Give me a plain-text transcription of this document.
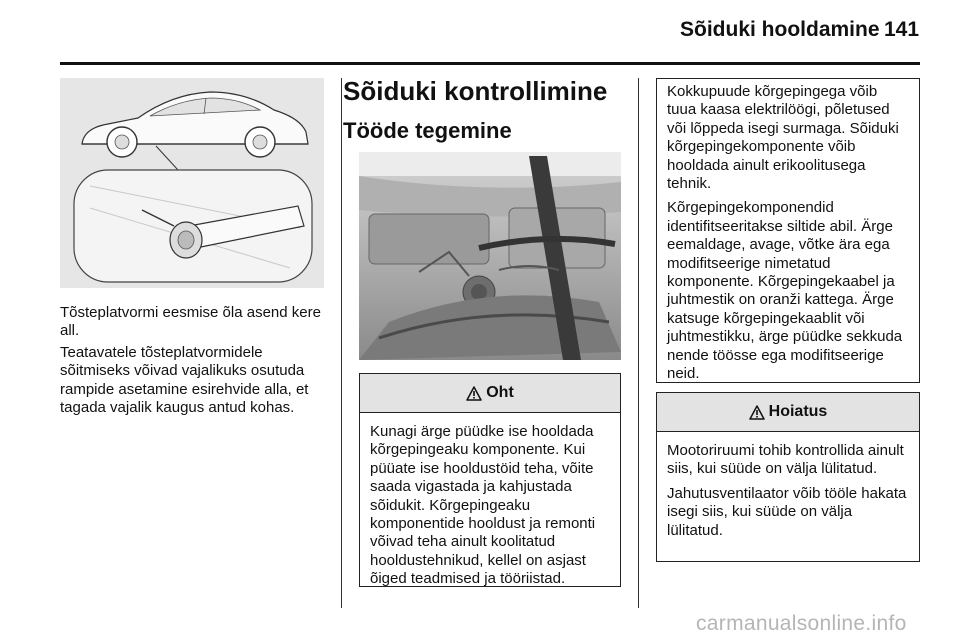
Sõiduki hooldamine 141

Tõsteplatvormi eesmise õla asend kere all.

Teatavatele tõsteplatvormidele sõitmiseks võivad vajalikuks osutuda rampide asetamine esirehvide alla, et tagada vajalik kaugus antud kohas.

Sõiduki kontrollimine
Tööde tegemine
Oht

Kunagi ärge püüdke ise hooldada kõrgepingeaku komponente. Kui püüate ise hooldustöid teha, võite saada vigastada ja kahjustada sõidukit. Kõrgepingeaku komponentide hooldust ja remonti võivad teha ainult koolitatud hooldustehnikud, kellel on asjast õiged teadmised ja tööriistad.

Kokkupuude kõrgepingega võib tuua kaasa elektrilöögi, põletused või lõppeda isegi surmaga. Sõiduki kõrgepingekomponente võib hooldada ainult erikoolitusega tehnik.

Kõrgepingekomponendid identifitseeritakse siltide abil. Ärge eemaldage, avage, võtke ära ega modifitseerige nimetatud komponente. Kõrgepingekaabel ja juhtmestik on oranži kattega. Ärge katsuge kõrgepingekaablit või juhtmestikku, ärge püüdke sekkuda nende töösse ega modifitseerige neid.

Hoiatus

Mootoriruumi tohib kontrollida ainult siis, kui süüde on välja lülitatud.

Jahutusventilaator võib tööle hakata isegi siis, kui süüde on välja lülitatud.

carmanualsonline.info
